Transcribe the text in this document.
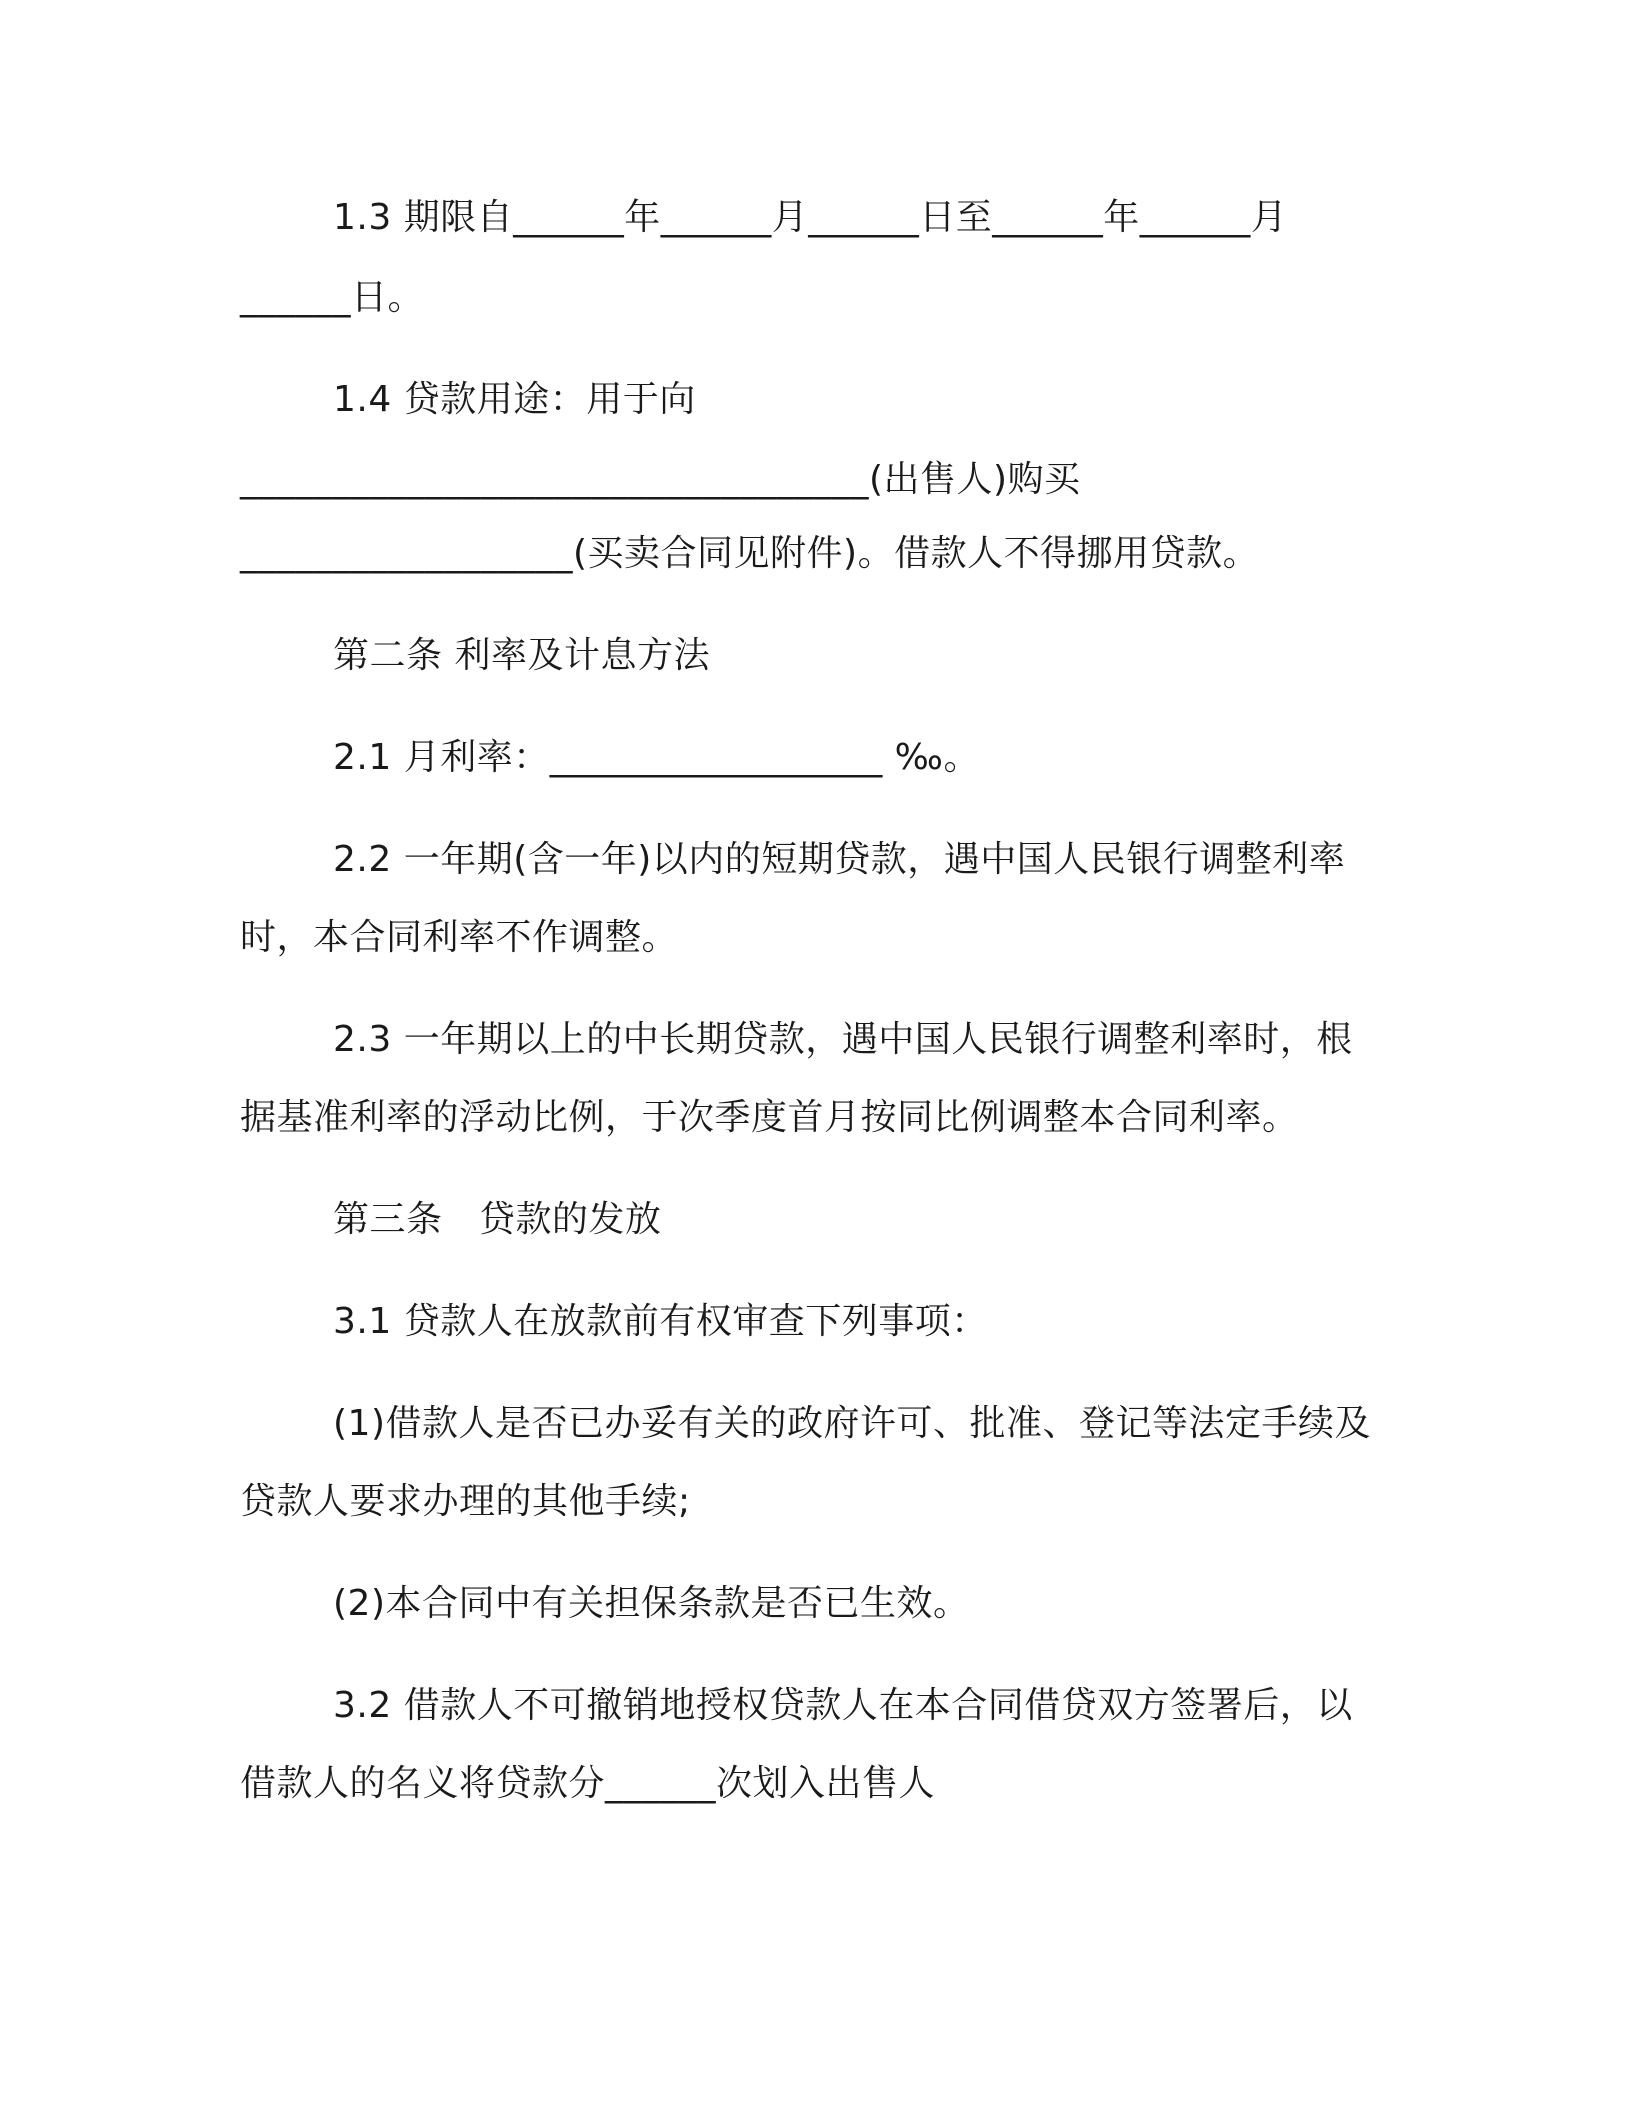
1.3 期限自______年______月______日至______年______月
______日。
1.4 贷款用途：用于向
__________________________________(出售人)购买
__________________(买卖合同见附件)。借款人不得挪用贷款。
第二条 利率及计息方法
2.1 月利率：__________________ ‰。
2.2 一年期(含一年)以内的短期贷款，遇中国人民银行调整利率
时，本合同利率不作调整。
2.3 一年期以上的中长期贷款，遇中国人民银行调整利率时，根
据基准利率的浮动比例，于次季度首月按同比例调整本合同利率。
第三条　贷款的发放
3.1 贷款人在放款前有权审查下列事项：
(1)借款人是否已办妥有关的政府许可、批准、登记等法定手续及
贷款人要求办理的其他手续;
(2)本合同中有关担保条款是否已生效。
3.2 借款人不可撤销地授权贷款人在本合同借贷双方签署后，以
借款人的名义将贷款分______次划入出售人
